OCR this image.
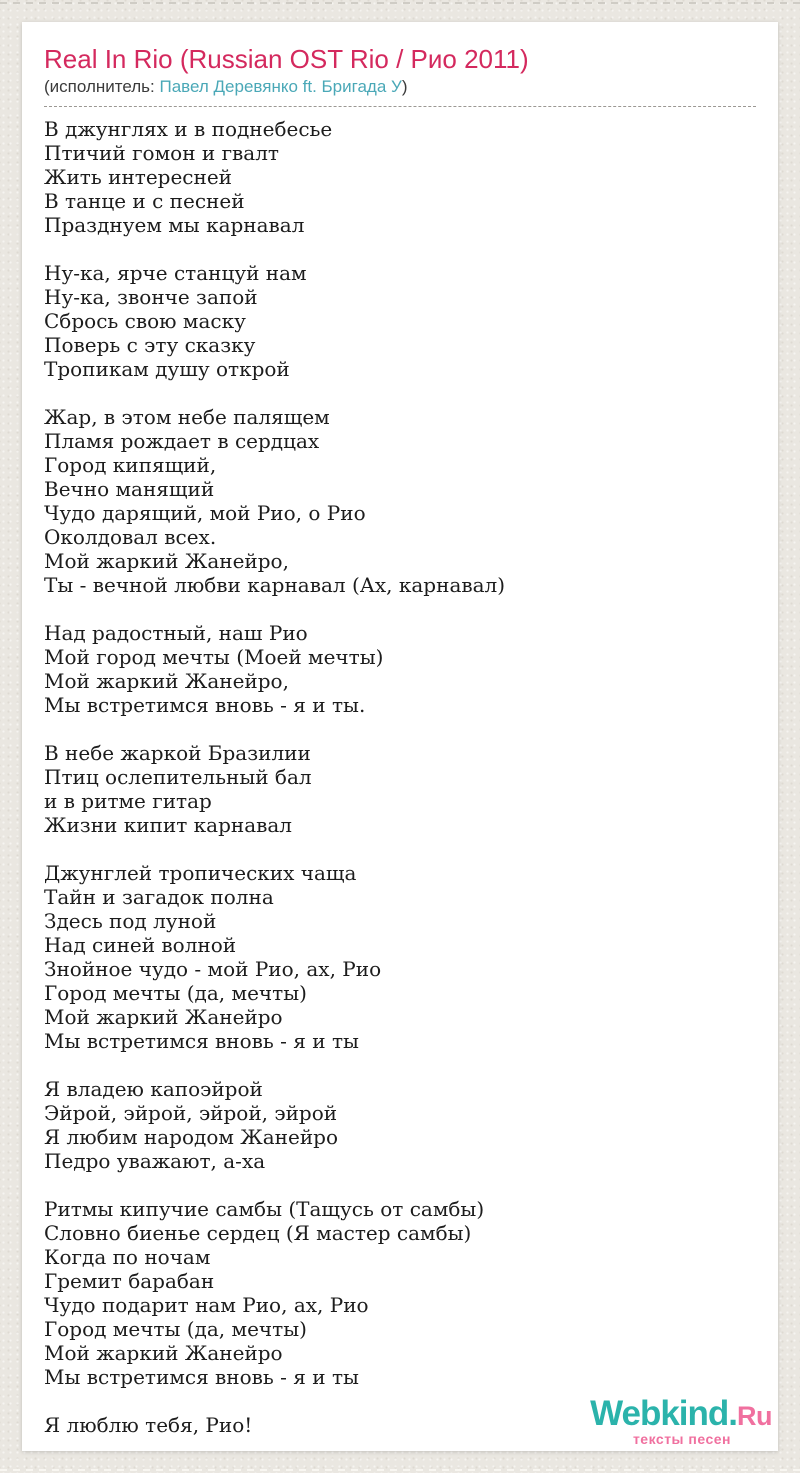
Real In Rio (Russian OST Rio / Рио 2011)

(исполнитель: Павел Деревянко ft. Бригада У)

В джунглях и в поднебесье
Птичий гомон и гвалт
Жить интересней
В танце и с песней
Празднуем мы карнавал

Ну-ка, ярче станцуй нам
Ну-ка, звонче запой
Сбрось свою маску
Поверь с эту сказку
Тропикам душу открой

Жар, в этом небе палящем
Пламя рождает в сердцах
Город кипящий,
Вечно манящий
Чудо дарящий, мой Рио, о Рио
Околдовал всех.
Мой жаркий Жанейро,
Ты - вечной любви карнавал (Ах, карнавал)

Над радостный, наш Рио
Мой город мечты (Моей мечты)
Мой жаркий Жанейро,
Мы встретимся вновь - я и ты.

В небе жаркой Бразилии
Птиц ослепительный бал
и в ритме гитар
Жизни кипит карнавал

Джунглей тропических чаща
Тайн и загадок полна
Здесь под луной
Над синей волной
Знойное чудо - мой Рио, ах, Рио
Город мечты (да, мечты)
Мой жаркий Жанейро
Мы встретимся вновь - я и ты

Я владею капоэйрой
Эйрой, эйрой, эйрой, эйрой
Я любим народом Жанейро
Педро уважают, а-ха

Ритмы кипучие самбы (Тащусь от самбы)
Словно биенье сердец (Я мастер самбы)
Когда по ночам
Гремит барабан
Чудо подарит нам Рио, ах, Рио
Город мечты (да, мечты)
Мой жаркий Жанейро
Мы встретимся вновь - я и ты

Я люблю тебя, Рио!	Webkind.Ru
тексты песен
